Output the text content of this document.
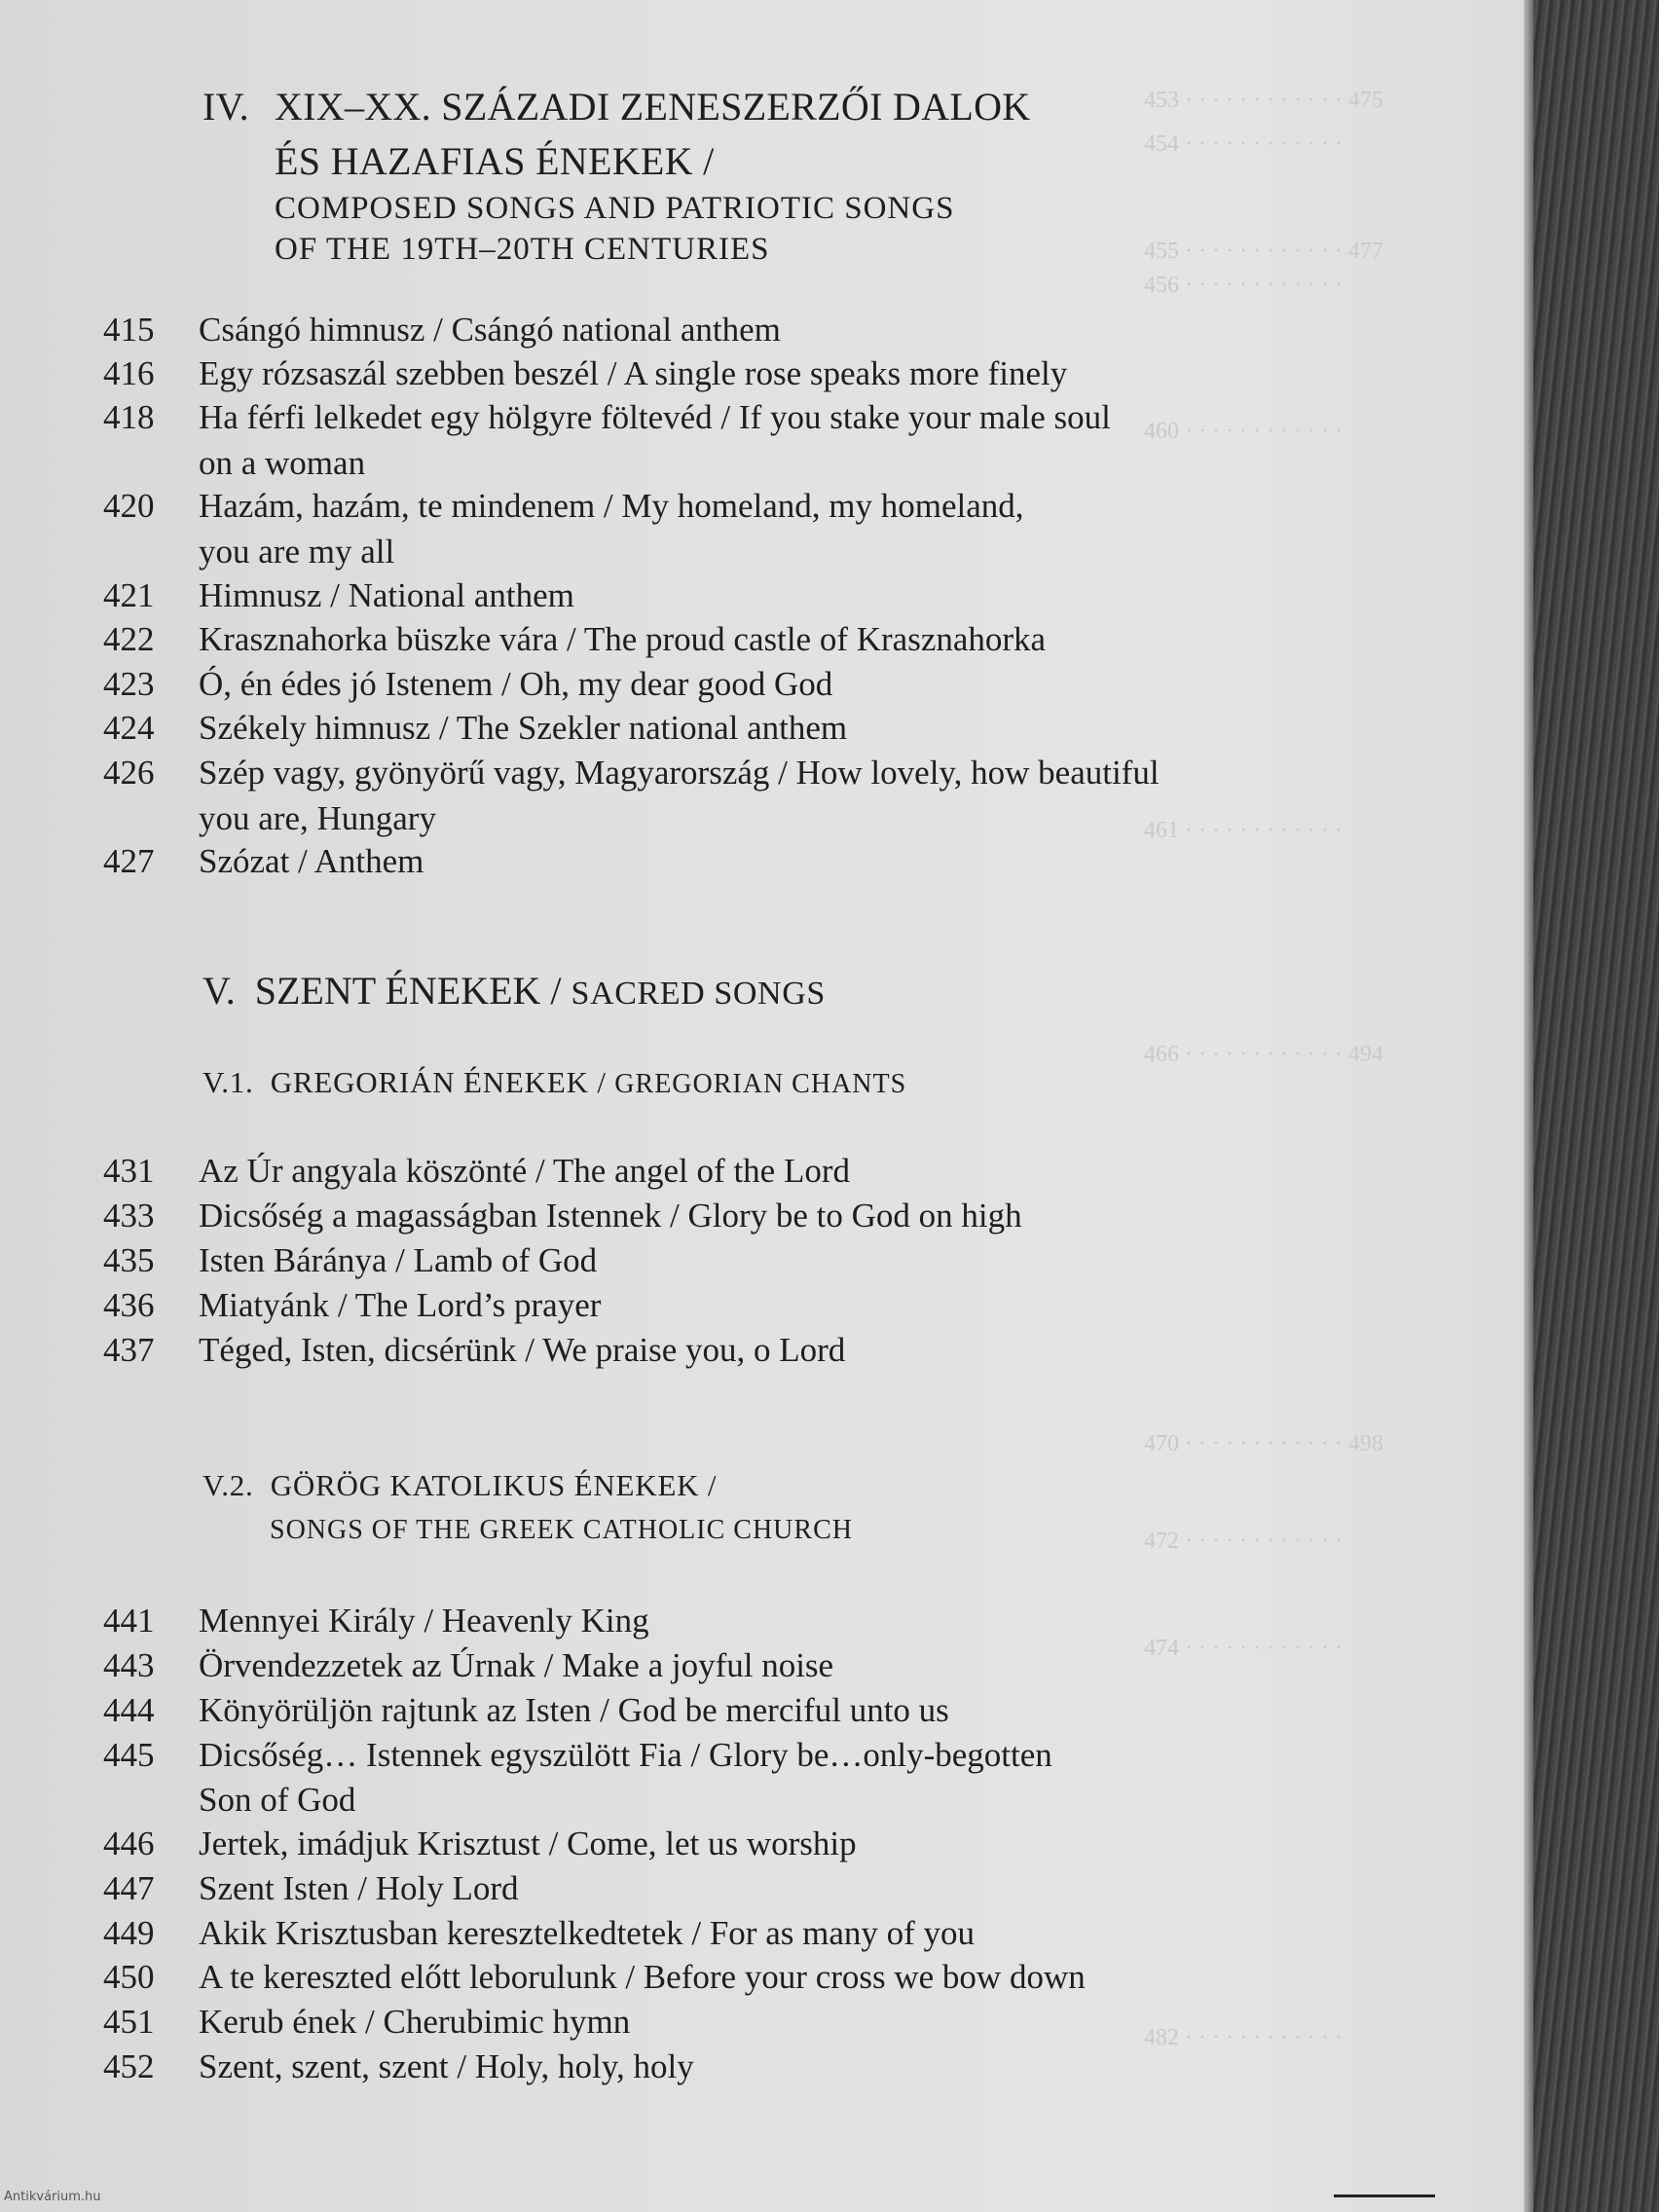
453 · · · · · · · · · · · · 475
454 · · · · · · · · · · · ·
455 · · · · · · · · · · · · 477
456 · · · · · · · · · · · ·
460 · · · · · · · · · · · ·
461 · · · · · · · · · · · ·
466 · · · · · · · · · · · · 494
470 · · · · · · · · · · · · 498
472 · · · · · · · · · · · ·
474 · · · · · · · · · · · ·
482 · · · · · · · · · · · ·
IV. XIX–XX. SZÁZADI ZENESZERZŐI DALOK
ÉS HAZAFIAS ÉNEKEK /
COMPOSED SONGS AND PATRIOTIC SONGS
OF THE 19TH–20TH CENTURIES
415 Csángó himnusz / Csángó national anthem
416 Egy rózsaszál szebben beszél / A single rose speaks more finely
418 Ha férfi lelkedet egy hölgyre föltevéd / If you stake your male soul
on a woman
420 Hazám, hazám, te mindenem / My homeland, my homeland,
you are my all
421 Himnusz / National anthem
422 Krasznahorka büszke vára / The proud castle of Krasznahorka
423 Ó, én édes jó Istenem / Oh, my dear good God
424 Székely himnusz / The Szekler national anthem
426 Szép vagy, gyönyörű vagy, Magyarország / How lovely, how beautiful
you are, Hungary
427 Szózat / Anthem
V. SZENT ÉNEKEK / SACRED SONGS
V.1. GREGORIÁN ÉNEKEK / GREGORIAN CHANTS
431 Az Úr angyala köszönté / The angel of the Lord
433 Dicsőség a magasságban Istennek / Glory be to God on high
435 Isten Báránya / Lamb of God
436 Miatyánk / The Lord’s prayer
437 Téged, Isten, dicsérünk / We praise you, o Lord
V.2. GÖRÖG KATOLIKUS ÉNEKEK /
SONGS OF THE GREEK CATHOLIC CHURCH
441 Mennyei Király / Heavenly King
443 Örvendezzetek az Úrnak / Make a joyful noise
444 Könyörüljön rajtunk az Isten / God be merciful unto us
445 Dicsőség… Istennek egyszülött Fia / Glory be…only-begotten
Son of God
446 Jertek, imádjuk Krisztust / Come, let us worship
447 Szent Isten / Holy Lord
449 Akik Krisztusban keresztelkedtetek / For as many of you
450 A te kereszted előtt leborulunk / Before your cross we bow down
451 Kerub ének / Cherubimic hymn
452 Szent, szent, szent / Holy, holy, holy
Antikvárium.hu
